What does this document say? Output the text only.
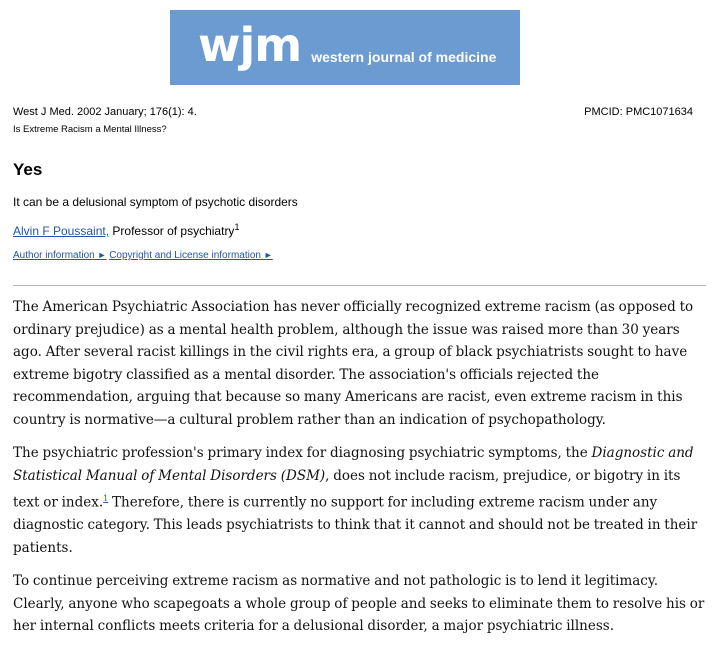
wjm western journal of medicine
West J Med. 2002 January; 176(1): 4.	PMCID: PMC1071634
Is Extreme Racism a Mental Illness?
Yes
It can be a delusional symptom of psychotic disorders
Alvin F Poussaint, Professor of psychiatry$^1$
Author information ► Copyright and License information ►

The American Psychiatric Association has never officially recognized extreme racism (as opposed to ordinary prejudice) as a mental health problem, although the issue was raised more than 30 years ago. After several racist killings in the civil rights era, a group of black psychiatrists sought to have extreme bigotry classified as a mental disorder. The association's officials rejected the recommendation, arguing that because so many Americans are racist, even extreme racism in this country is normative—a cultural problem rather than an indication of psychopathology.

The psychiatric profession's primary index for diagnosing psychiatric symptoms, the Diagnostic and Statistical Manual of Mental Disorders (DSM), does not include racism, prejudice, or bigotry in its text or index.$^1$ Therefore, there is currently no support for including extreme racism under any diagnostic category. This leads psychiatrists to think that it cannot and should not be treated in their patients.

To continue perceiving extreme racism as normative and not pathologic is to lend it legitimacy. Clearly, anyone who scapegoats a whole group of people and seeks to eliminate them to resolve his or her internal conflicts meets criteria for a delusional disorder, a major psychiatric illness.
